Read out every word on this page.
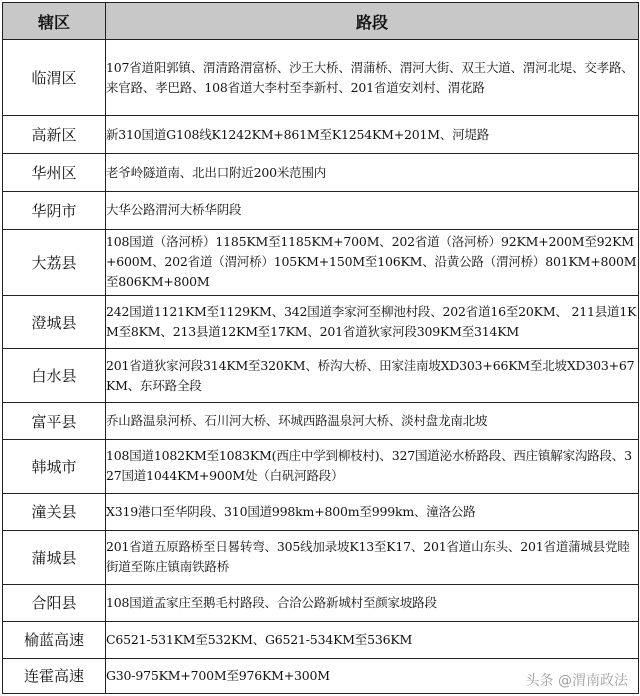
辖区	路段
临渭区	107省道阳郭镇、渭清路渭富桥、沙王大桥、渭蒲桥、渭河大街、双王大道、渭河北堤、交孝路、来官路、孝巴路、108省道大李村至李新村、201省道安刘村、渭花路
高新区	新310国道G108线K1242KM+861M至K1254KM+201M、河堤路
华州区	老爷岭隧道南、北出口附近200米范围内
华阴市	大华公路渭河大桥华阴段
大荔县	108国道（洛河桥）1185KM至1185KM+700M、202省道（洛河桥）92KM+200M至92KM+600M、202省道（渭河桥）105KM+150M至106KM、沿黄公路（渭河桥）801KM+800M至806KM+800M
澄城县	242国道1121KM至1129KM、342国道李家河至柳池村段、202省道16至20KM、 211县道1KM至8KM、213县道12KM至17KM、201省道狄家河段309KM至314KM
白水县	201省道狄家河段314KM至320KM、桥沟大桥、田家洼南坡XD303+66KM至北坡XD303+67KM、东环路全段
富平县	乔山路温泉河桥、石川河大桥、环城西路温泉河大桥、淡村盘龙南北坡
韩城市	108国道1082KM至1083KM(西庄中学到柳枝村)、327国道泌水桥路段、西庄镇解家沟路段、327国道1044KM+900M处（白矾河路段）
潼关县	X319港口至华阴段、310国道998km+800m至999km、潼洛公路
蒲城县	201省道五原路桥至日晷转弯、305线加录坡K13至K17、201省道山东头、201省道蒲城县党睦街道至陈庄镇南铁路桥
合阳县	108国道孟家庄至鹅毛村路段、合洽公路新城村至颜家坡路段
榆蓝高速	C6521-531KM至532KM、G6521-534KM至536KM
连霍高速	G30-975KM+700M至976KM+300M	头条 @渭南政法
